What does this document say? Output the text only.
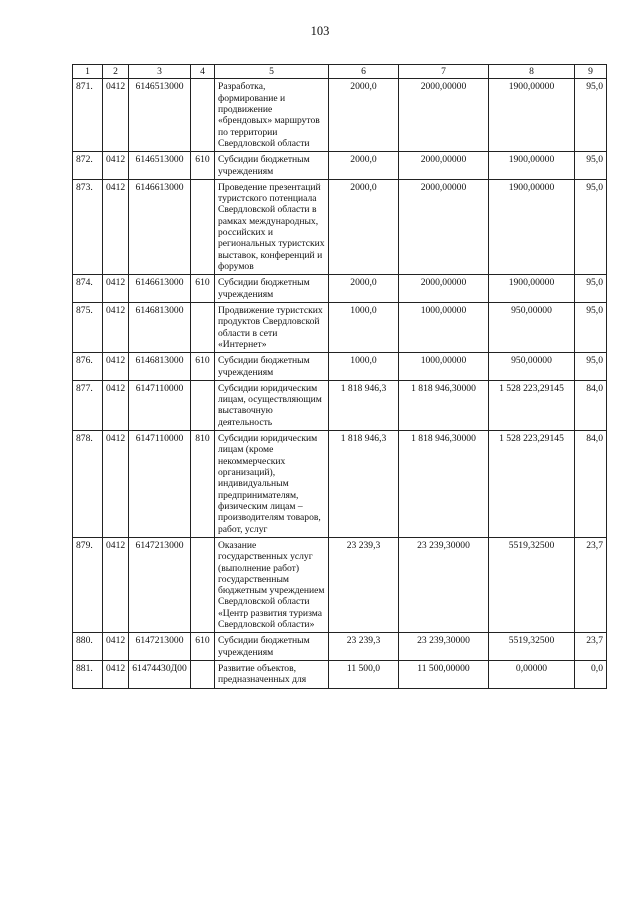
103
1	2	3	4	5	6	7	8	9
871.	0412	6146513000		Разработка, формирование и продвижение «брендовых» маршрутов по территории Свердловской области	2000,0	2000,00000	1900,00000	95,0
872.	0412	6146513000	610	Субсидии бюджетным учреждениям	2000,0	2000,00000	1900,00000	95,0
873.	0412	6146613000		Проведение презентаций туристского потенциала Свердловской области в рамках международных, российских и региональных туристских выставок, конференций и форумов	2000,0	2000,00000	1900,00000	95,0
874.	0412	6146613000	610	Субсидии бюджетным учреждениям	2000,0	2000,00000	1900,00000	95,0
875.	0412	6146813000		Продвижение туристских продуктов Свердловской области в сети «Интернет»	1000,0	1000,00000	950,00000	95,0
876.	0412	6146813000	610	Субсидии бюджетным учреждениям	1000,0	1000,00000	950,00000	95,0
877.	0412	6147110000		Субсидии юридическим лицам, осуществляющим выставочную деятельность	1 818 946,3	1 818 946,30000	1 528 223,29145	84,0
878.	0412	6147110000	810	Субсидии юридическим лицам (кроме некоммерческих организаций), индивидуальным предпринимателям, физическим лицам – производителям товаров, работ, услуг	1 818 946,3	1 818 946,30000	1 528 223,29145	84,0
879.	0412	6147213000		Оказание государственных услуг (выполнение работ) государственным бюджетным учреждением Свердловской области «Центр развития туризма Свердловской области»	23 239,3	23 239,30000	5519,32500	23,7
880.	0412	6147213000	610	Субсидии бюджетным учреждениям	23 239,3	23 239,30000	5519,32500	23,7
881.	0412	61474430Д00		Развитие объектов, предназначенных для	11 500,0	11 500,00000	0,00000	0,0
